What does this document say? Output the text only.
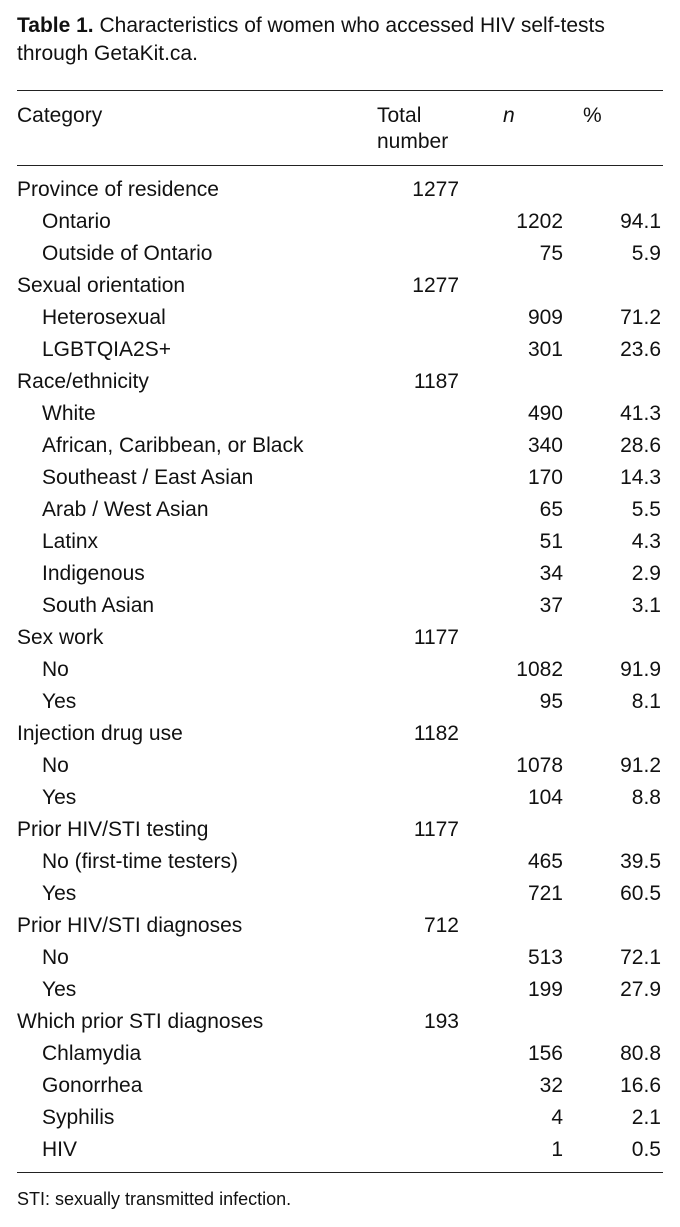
Table 1. Characteristics of women who accessed HIV self-tests through GetaKit.ca.

Category	Total number	n	%
Province of residence	1277		
Ontario		1202	94.1
Outside of Ontario		75	5.9
Sexual orientation	1277		
Heterosexual		909	71.2
LGBTQIA2S+		301	23.6
Race/ethnicity	1187		
White		490	41.3
African, Caribbean, or Black		340	28.6
Southeast / East Asian		170	14.3
Arab / West Asian		65	5.5
Latinx		51	4.3
Indigenous		34	2.9
South Asian		37	3.1
Sex work	1177		
No		1082	91.9
Yes		95	8.1
Injection drug use	1182		
No		1078	91.2
Yes		104	8.8
Prior HIV/STI testing	1177		
No (first-time testers)		465	39.5
Yes		721	60.5
Prior HIV/STI diagnoses	712		
No		513	72.1
Yes		199	27.9
Which prior STI diagnoses	193		
Chlamydia		156	80.8
Gonorrhea		32	16.6
Syphilis		4	2.1
HIV		1	0.5
STI: sexually transmitted infection.
